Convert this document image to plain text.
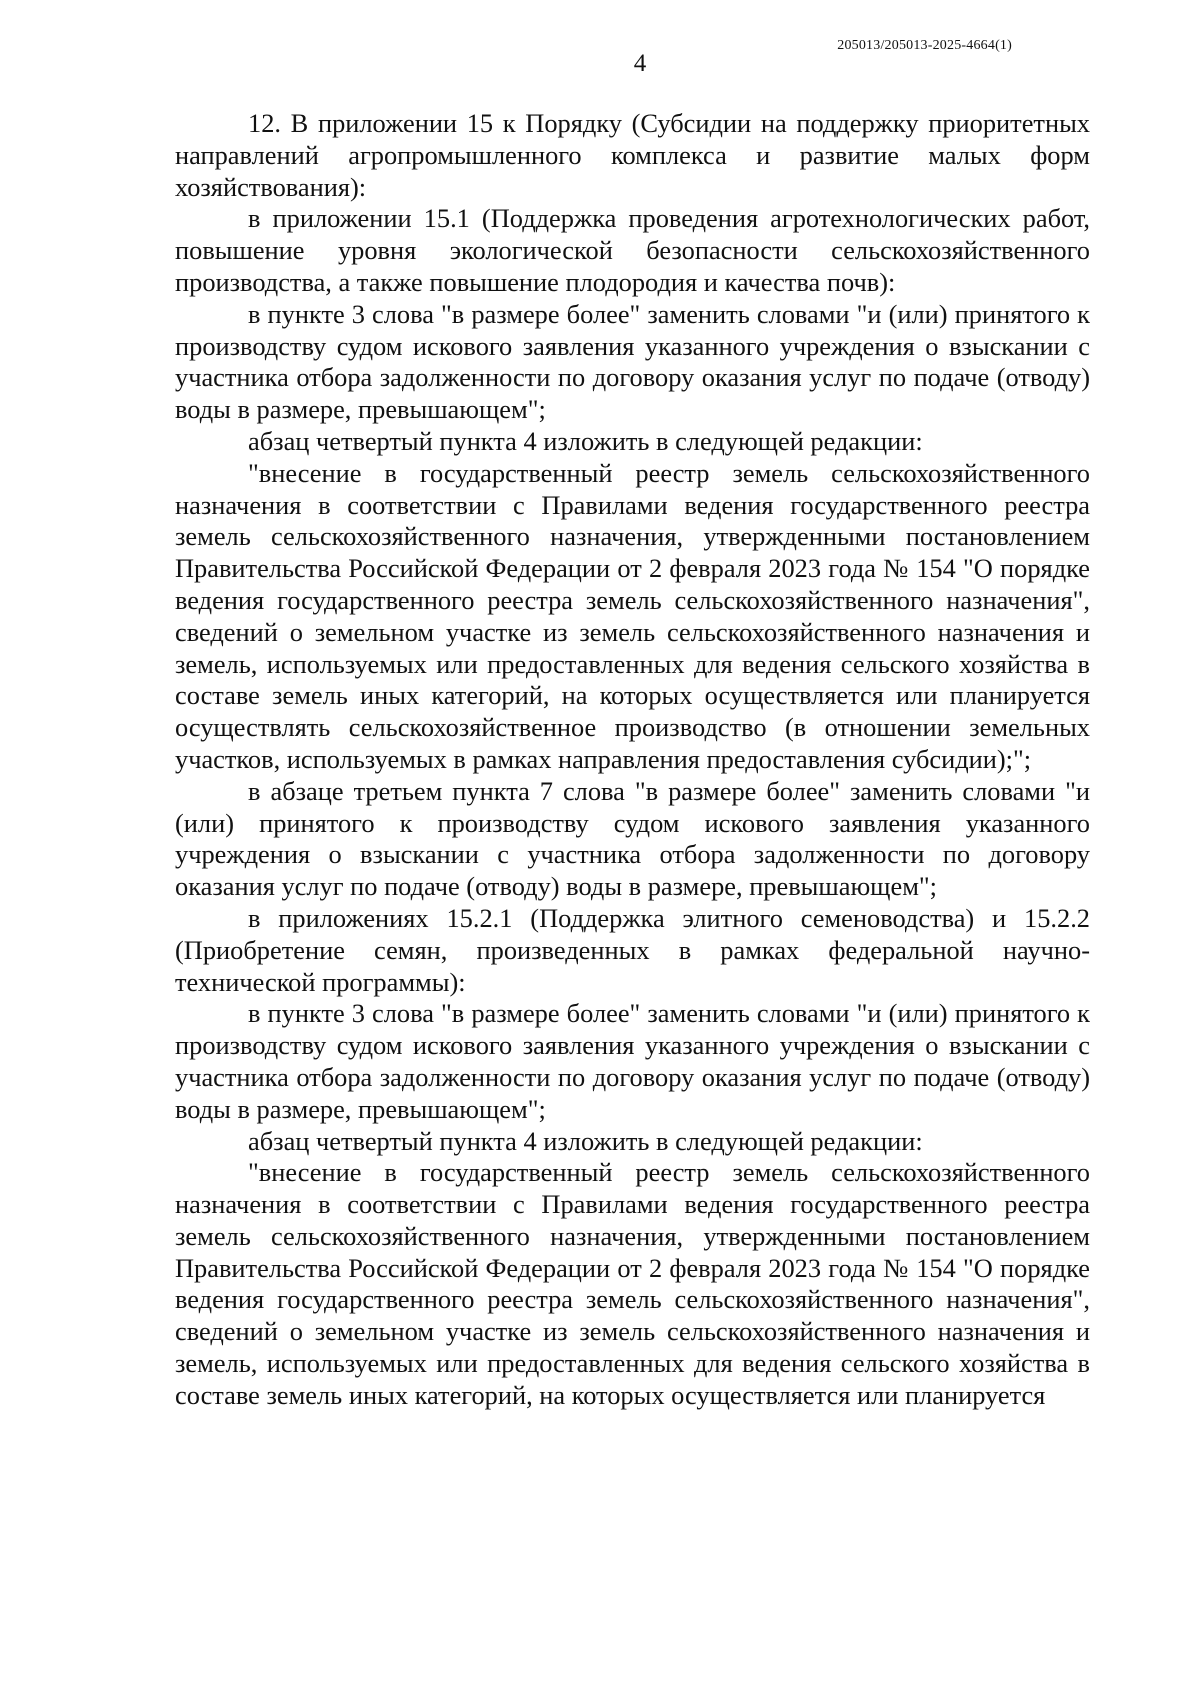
205013/205013-2025-4664(1)
4

12. В приложении 15 к Порядку (Субсидии на поддержку приоритетных направлений агропромышленного комплекса и развитие малых форм хозяйствования):

в приложении 15.1 (Поддержка проведения агротехнологических работ, повышение уровня экологической безопасности сельскохозяйственного производства, а также повышение плодородия и качества почв):

в пункте 3 слова "в размере более" заменить словами "и (или) принятого к производству судом искового заявления указанного учреждения о взыскании с участника отбора задолженности по договору оказания услуг по подаче (отводу) воды в размере, превышающем";

абзац четвертый пункта 4 изложить в следующей редакции:

"внесение в государственный реестр земель сельскохозяйственного назначения в соответствии с Правилами ведения государственного реестра земель сельскохозяйственного назначения, утвержденными постановлением Правительства Российской Федерации от 2 февраля 2023 года № 154 "О порядке ведения государственного реестра земель сельскохозяйственного назначения", сведений о земельном участке из земель сельскохозяйственного назначения и земель, используемых или предоставленных для ведения сельского хозяйства в составе земель иных категорий, на которых осуществляется или планируется осуществлять сельскохозяйственное производство (в отношении земельных участков, используемых в рамках направления предоставления субсидии);";

в абзаце третьем пункта 7 слова "в размере более" заменить словами "и (или) принятого к производству судом искового заявления указанного учреждения о взыскании с участника отбора задолженности по договору оказания услуг по подаче (отводу) воды в размере, превышающем";

в приложениях 15.2.1 (Поддержка элитного семеноводства) и 15.2.2 (Приобретение семян, произведенных в рамках федеральной научно-технической программы):

в пункте 3 слова "в размере более" заменить словами "и (или) принятого к производству судом искового заявления указанного учреждения о взыскании с участника отбора задолженности по договору оказания услуг по подаче (отводу) воды в размере, превышающем";

абзац четвертый пункта 4 изложить в следующей редакции:

"внесение в государственный реестр земель сельскохозяйственного назначения в соответствии с Правилами ведения государственного реестра земель сельскохозяйственного назначения, утвержденными постановлением Правительства Российской Федерации от 2 февраля 2023 года № 154 "О порядке ведения государственного реестра земель сельскохозяйственного назначения", сведений о земельном участке из земель сельскохозяйственного назначения и земель, используемых или предоставленных для ведения сельского хозяйства в составе земель иных категорий, на которых осуществляется или планируется
